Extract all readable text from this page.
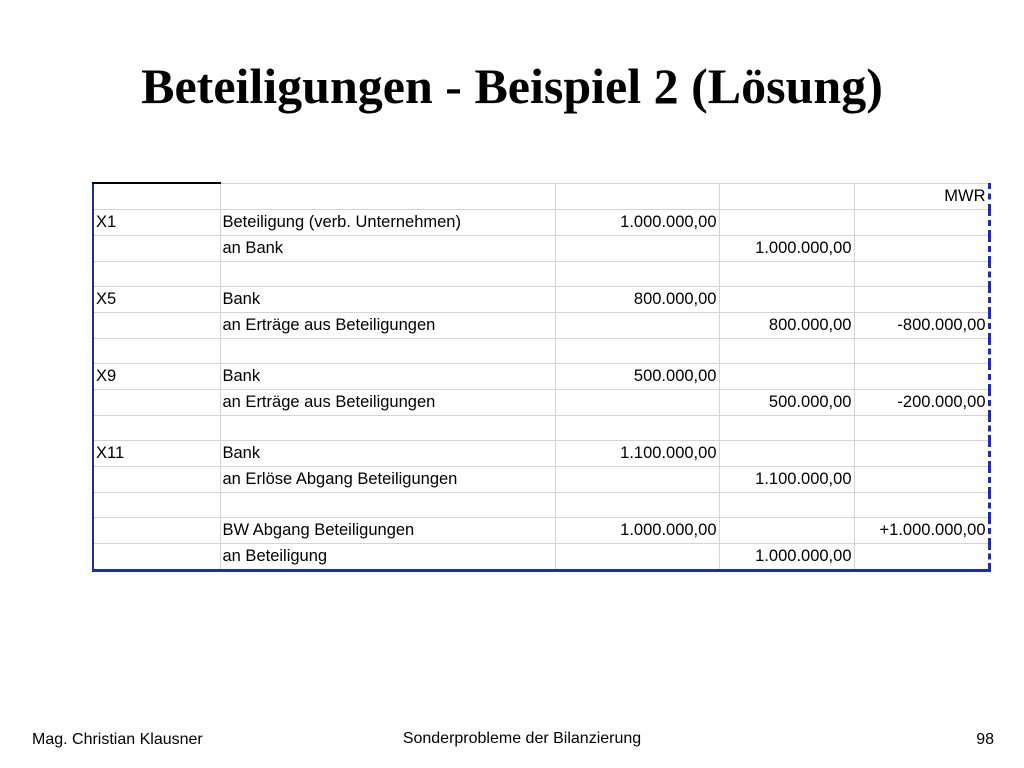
Beteiligungen - Beispiel 2 (Lösung)
				MWR
X1	Beteiligung (verb. Unternehmen)	1.000.000,00		
	an Bank		1.000.000,00	

X5	Bank	800.000,00		
	an Erträge aus Beteiligungen		800.000,00	-800.000,00

X9	Bank	500.000,00		
	an Erträge aus Beteiligungen		500.000,00	-200.000,00

X11	Bank	1.100.000,00		
	an Erlöse Abgang Beteiligungen		1.100.000,00	

	BW Abgang Beteiligungen	1.000.000,00		+1.000.000,00
	an Beteiligung		1.000.000,00	
Mag. Christian Klausner	Sonderprobleme der Bilanzierung	98
